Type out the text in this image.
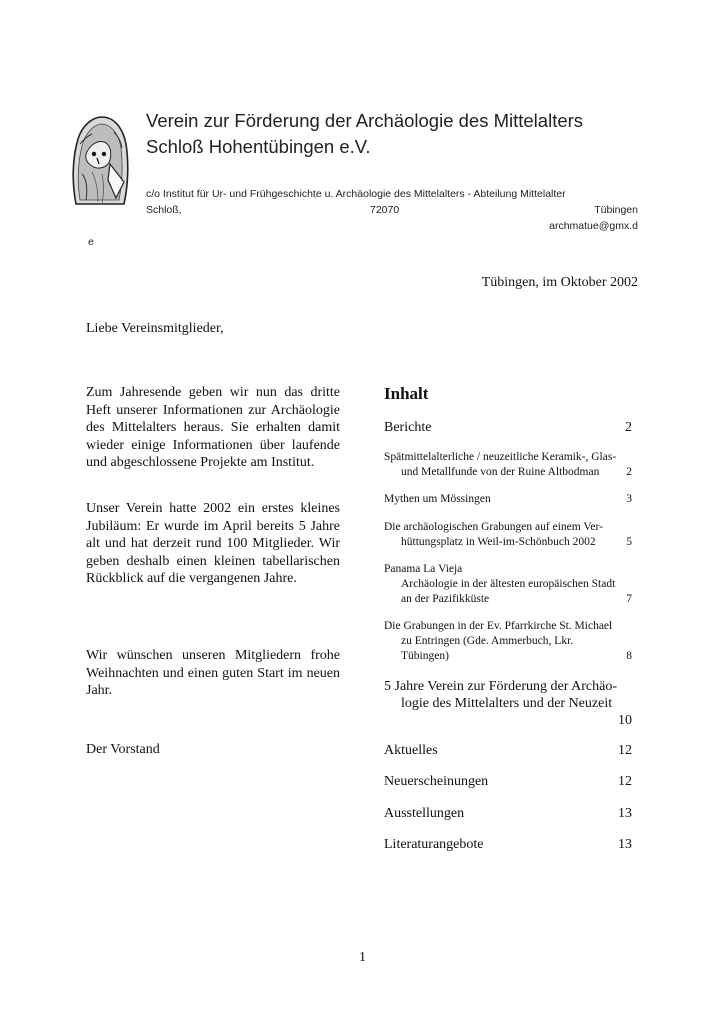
Verein zur Förderung der Archäologie des Mittelalters
Schloß Hohentübingen e.V.
c/o Institut für Ur- und Frühgeschichte u. Archäologie des Mittelalters - Abteilung Mittelalter
Schloß,	72070	Tübingen
archmatue@gmx.d
e
Tübingen, im Oktober 2002
Liebe Vereinsmitglieder,

Zum Jahresende geben wir nun das dritte Heft unserer Informationen zur Archäologie des Mittelalters heraus. Sie erhalten damit wieder einige Informationen über laufende und abgeschlossene Projekte am Institut.

Unser Verein hatte 2002 ein erstes kleines Jubiläum: Er wurde im April bereits 5 Jahre alt und hat derzeit rund 100 Mitglieder. Wir geben deshalb einen kleinen tabellarischen Rückblick auf die vergangenen Jahre.

Wir wünschen unseren Mitgliedern frohe Weihnachten und einen guten Start im neuen Jahr.

Der Vorstand
Inhalt
Berichte	2
Spätmittelalterliche / neuzeitliche Keramik-, Glas-
und Metallfunde von der Ruine Altbodman	2
Mythen um Mössingen	3
Die archäologischen Grabungen auf einem Ver-
hüttungsplatz in Weil-im-Schönbuch 2002	5
Panama La Vieja
Archäologie in der ältesten europäischen Stadt
an der Pazifikküste	7
Die Grabungen in der Ev. Pfarrkirche St. Michael
zu Entringen (Gde. Ammerbuch, Lkr.
Tübingen)	8
5 Jahre Verein zur Förderung der Archäo-
logie des Mittelalters und der Neuzeit
10
Aktuelles	12
Neuerscheinungen	12
Ausstellungen	13
Literaturangebote	13
1
